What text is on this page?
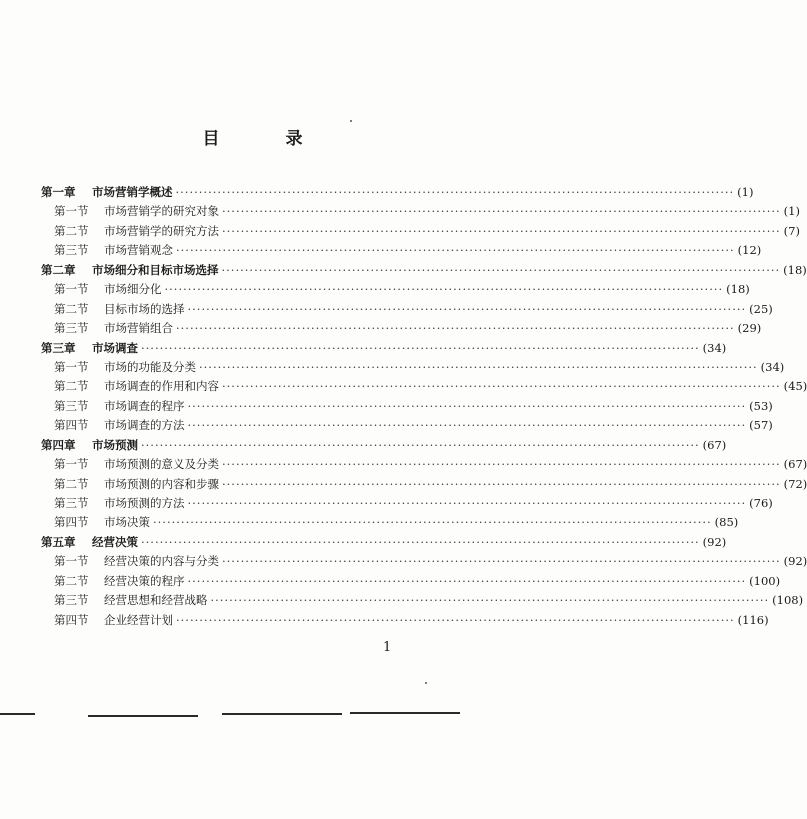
目 录
第一章	市场营销学概述 ························································································································ (1)
第一节	市场营销学的研究对象 ························································································································ (1)
第二节	市场营销学的研究方法 ························································································································ (7)
第三节	市场营销观念 ························································································································ (12)
第二章	市场细分和目标市场选择 ························································································································ (18)
第一节	市场细分化 ························································································································ (18)
第二节	目标市场的选择 ························································································································ (25)
第三节	市场营销组合 ························································································································ (29)
第三章	市场调查 ························································································································ (34)
第一节	市场的功能及分类 ························································································································ (34)
第二节	市场调查的作用和内容 ························································································································ (45)
第三节	市场调查的程序 ························································································································ (53)
第四节	市场调查的方法 ························································································································ (57)
第四章	市场预测 ························································································································ (67)
第一节	市场预测的意义及分类 ························································································································ (67)
第二节	市场预测的内容和步骤 ························································································································ (72)
第三节	市场预测的方法 ························································································································ (76)
第四节	市场决策 ························································································································ (85)
第五章	经营决策 ························································································································ (92)
第一节	经营决策的内容与分类 ························································································································ (92)
第二节	经营决策的程序 ························································································································ (100)
第三节	经营思想和经营战略 ························································································································ (108)
第四节	企业经营计划 ························································································································ (116)
1
